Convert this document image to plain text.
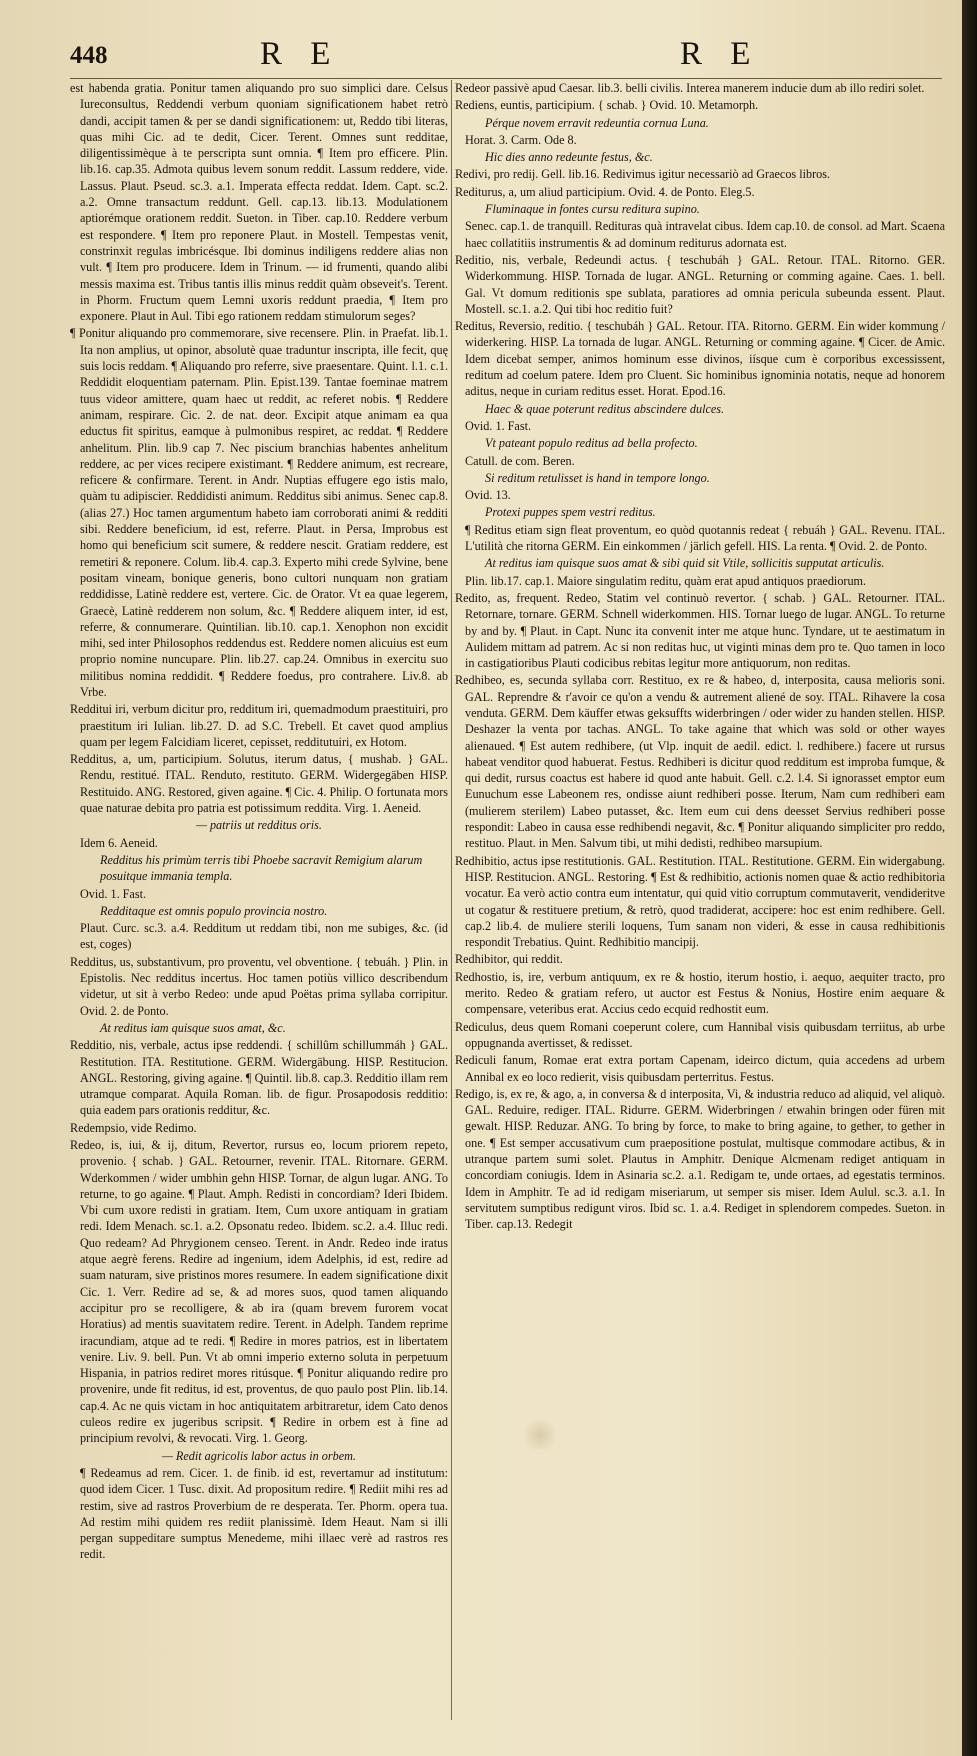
448	R E	R E

est habenda gratia. Ponitur tamen aliquando pro suo simplici dare. Celsus Iureconsultus, Reddendi verbum quoniam significationem habet retrò dandi, accipit tamen & per se dandi significationem: ut, Reddo tibi literas, quas mihi Cic. ad te dedit, Cicer. Terent. Omnes sunt redditae, diligentissimèque à te perscripta sunt omnia. ¶ Item pro efficere. Plin. lib.16. cap.35. Admota quibus levem sonum reddit. Lassum reddere, vide. Lassus. Plaut. Pseud. sc.3. a.1. Imperata effecta reddat. Idem. Capt. sc.2. a.2. Omne transactum reddunt. Gell. cap.13. lib.13. Modulationem aptiorémque orationem reddit. Sueton. in Tiber. cap.10. Reddere verbum est respondere. ¶ Item pro reponere Plaut. in Mostell. Tempestas venit, constrinxit regulas imbricésque. Ibi dominus indiligens reddere alias non vult. ¶ Item pro producere. Idem in Trinum. — id frumenti, quando alibi messis maxima est. Tribus tantis illis minus reddit quàm obseveit's. Terent. in Phorm. Fructum quem Lemni uxoris reddunt praedia, ¶ Item pro exponere. Plaut in Aul. Tibi ego rationem reddam stimulorum seges?

¶ Ponitur aliquando pro commemorare, sive recensere. Plin. in Praefat. lib.1. Ita non amplius, ut opinor, absolutè quae traduntur inscripta, ille fecit, quę suis locis reddam. ¶ Aliquando pro referre, sive praesentare. Quint. l.1. c.1. Reddidit eloquentiam paternam. Plin. Epist.139. Tantae foeminae matrem tuus videor amittere, quam haec ut reddit, ac referet nobis. ¶ Reddere animam, respirare. Cic. 2. de nat. deor. Excipit atque animam ea qua eductus fit spiritus, eamque à pulmonibus respiret, ac reddat. ¶ Reddere anhelitum. Plin. lib.9 cap 7. Nec piscium branchias habentes anhelitum reddere, ac per vices recipere existimant. ¶ Reddere animum, est recreare, reficere & confirmare. Terent. in Andr. Nuptias effugere ego istis malo, quàm tu adipiscier. Reddidisti animum. Redditus sibi animus. Senec cap.8. (alias 27.) Hoc tamen argumentum habeto iam corroborati animi & redditi sibi. Reddere beneficium, id est, referre. Plaut. in Persa, Improbus est homo qui beneficium scit sumere, & reddere nescit. Gratiam reddere, est remetiri & reponere. Colum. lib.4. cap.3. Experto mihi crede Sylvine, bene positam vineam, bonique generis, bono cultori nunquam non gratiam reddidisse, Latinè reddere est, vertere. Cic. de Orator. Vt ea quae legerem, Graecè, Latinè redderem non solum, &c. ¶ Reddere aliquem inter, id est, referre, & connumerare. Quintilian. lib.10. cap.1. Xenophon non excidit mihi, sed inter Philosophos reddendus est. Reddere nomen alicuius est eum proprio nomine nuncupare. Plin. lib.27. cap.24. Omnibus in exercitu suo militibus nomina reddidit. ¶ Reddere foedus, pro contrahere. Liv.8. ab Vrbe.

Redditui iri, verbum dicitur pro, redditum iri, quemadmodum praestituiri, pro praestitum iri Iulian. lib.27. D. ad S.C. Trebell. Et cavet quod amplius quam per legem Falcidiam liceret, cepisset, redditutuiri, ex Hotom.

Redditus, a, um, participium. Solutus, iterum datus, { mushab. } GAL. Rendu, restitué. ITAL. Renduto, restituto. GERM. Widergegäben HISP. Restituido. ANG. Restored, given againe. ¶ Cic. 4. Philip. O fortunata mors quae naturae debita pro patria est potissimum reddita. Virg. 1. Aeneid.

— patriis ut redditus oris.

Idem 6. Aeneid.

Redditus his primùm terris tibi Phoebe sacravit Remigium alarum posuitque immania templa.

Ovid. 1. Fast.

Redditaque est omnis populo provincia nostro.

Plaut. Curc. sc.3. a.4. Redditum ut reddam tibi, non me subiges, &c. (id est, coges)

Redditus, us, substantivum, pro proventu, vel obventione. { tebuáh. } Plin. in Epistolis. Nec redditus incertus. Hoc tamen potiùs villico describendum videtur, ut sit à verbo Redeo: unde apud Poëtas prima syllaba corripitur. Ovid. 2. de Ponto.

At reditus iam quisque suos amat, &c.

Redditio, nis, verbale, actus ipse reddendi. { schillûm schillummáh } GAL. Restitution. ITA. Restitutione. GERM. Widergäbung. HISP. Restitucion. ANGL. Restoring, giving againe. ¶ Quintil. lib.8. cap.3. Redditio illam rem utramque comparat. Aquila Roman. lib. de figur. Prosapodosis redditio: quia eadem pars orationis redditur, &c.

Redempsio, vide Redimo.

Redeo, is, iui, & ij, ditum, Revertor, rursus eo, locum priorem repeto, provenio. { schab. } GAL. Retourner, revenir. ITAL. Ritornare. GERM. Wderkommen / wider umbhin gehn HISP. Tornar, de algun lugar. ANG. To returne, to go againe. ¶ Plaut. Amph. Redisti in concordiam? Ideri Ibidem. Vbi cum uxore redisti in gratiam. Item, Cum uxore antiquam in gratiam redi. Idem Menach. sc.1. a.2. Opsonatu redeo. Ibidem. sc.2. a.4. Illuc redi. Quo redeam? Ad Phrygionem censeo. Terent. in Andr. Redeo inde iratus atque aegrè ferens. Redire ad ingenium, idem Adelphis, id est, redire ad suam naturam, sive pristinos mores resumere. In eadem significatione dixit Cic. 1. Verr. Redire ad se, & ad mores suos, quod tamen aliquando accipitur pro se recolligere, & ab ira (quam brevem furorem vocat Horatius) ad mentis suavitatem redire. Terent. in Adelph. Tandem reprime iracundiam, atque ad te redi. ¶ Redire in mores patrios, est in libertatem venire. Liv. 9. bell. Pun. Vt ab omni imperio externo soluta in perpetuum Hispania, in patrios rediret mores ritúsque. ¶ Ponitur aliquando redire pro provenire, unde fit reditus, id est, proventus, de quo paulo post Plin. lib.14. cap.4. Ac ne quis victam in hoc antiquitatem arbitraretur, idem Cato denos culeos redire ex jugeribus scripsit. ¶ Redire in orbem est à fine ad principium revolvi, & revocati. Virg. 1. Georg.

— Redit agricolis labor actus in orbem.

¶ Redeamus ad rem. Cicer. 1. de finib. id est, revertamur ad institutum: quod idem Cicer. 1 Tusc. dixit. Ad propositum redire. ¶ Rediit mihi res ad restim, sive ad rastros Proverbium de re desperata. Ter. Phorm. opera tua. Ad restim mihi quidem res rediit planissimè. Idem Heaut. Nam si illi pergan suppeditare sumptus Menedeme, mihi illaec verè ad rastros res redit.

Redeor passivè apud Caesar. lib.3. belli civilis. Interea manerem inducie dum ab illo rediri solet.

Rediens, euntis, participium. { schab. } Ovid. 10. Metamorph.

Pérque novem erravit redeuntia cornua Luna.

Horat. 3. Carm. Ode 8.

Hic dies anno redeunte festus, &c.

Redivi, pro redij. Gell. lib.16. Redivimus igitur necessariò ad Graecos libros.

Rediturus, a, um aliud participium. Ovid. 4. de Ponto. Eleg.5.

Fluminaque in fontes cursu reditura supino.

Senec. cap.1. de tranquill. Redituras quà intravelat cibus. Idem cap.10. de consol. ad Mart. Scaena haec collatitiis instrumentis & ad dominum rediturus adornata est.

Reditio, nis, verbale, Redeundi actus. { teschubáh } GAL. Retour. ITAL. Ritorno. GER. Widerkommung. HISP. Tornada de lugar. ANGL. Returning or comming againe. Caes. 1. bell. Gal. Vt domum reditionis spe sublata, paratiores ad omnia pericula subeunda essent. Plaut. Mostell. sc.1. a.2. Qui tibi hoc reditio fuit?

Reditus, Reversio, reditio. { teschubáh } GAL. Retour. ITA. Ritorno. GERM. Ein wider kommung / widerkering. HISP. La tornada de lugar. ANGL. Returning or comming againe. ¶ Cicer. de Amic. Idem dicebat semper, animos hominum esse divinos, iísque cum è corporibus excessissent, reditum ad coelum patere. Idem pro Cluent. Sic hominibus ignominia notatis, neque ad honorem aditus, neque in curiam reditus esset. Horat. Epod.16.

Haec & quae poterunt reditus abscindere dulces.

Ovid. 1. Fast.

Vt pateant populo reditus ad bella profecto.

Catull. de com. Beren.

Si reditum retulisset is hand in tempore longo.

Ovid. 13.

Protexi puppes spem vestri reditus.

¶ Reditus etiam sign fleat proventum, eo quòd quotannis redeat { rebuáh } GAL. Revenu. ITAL. L'utilità che ritorna GERM. Ein einkommen / järlich gefell. HIS. La renta. ¶ Ovid. 2. de Ponto.

At reditus iam quisque suos amat & sibi quid sit Vtile, sollicitis supputat articulis.

Plin. lib.17. cap.1. Maiore singulatim reditu, quàm erat apud antiquos praediorum.

Redito, as, frequent. Redeo, Statim vel continuò revertor. { schab. } GAL. Retourner. ITAL. Retornare, tornare. GERM. Schnell widerkommen. HIS. Tornar luego de lugar. ANGL. To returne by and by. ¶ Plaut. in Capt. Nunc ita convenit inter me atque hunc. Tyndare, ut te aestimatum in Aulidem mittam ad patrem. Ac si non reditas huc, ut viginti minas dem pro te. Quo tamen in loco in castigatioribus Plauti codicibus rebitas legitur more antiquorum, non reditas.

Redhibeo, es, secunda syllaba corr. Restituo, ex re & habeo, d, interposita, causa melioris soni. GAL. Reprendre & r'avoir ce qu'on a vendu & autrement aliené de soy. ITAL. Rihavere la cosa venduta. GERM. Dem käuffer etwas geksuffts widerbringen / oder wider zu handen stellen. HISP. Deshazer la venta por tachas. ANGL. To take againe that which was sold or other wayes alienaued. ¶ Est autem redhibere, (ut Vlp. inquit de aedil. edict. l. redhibere.) facere ut rursus habeat venditor quod habuerat. Festus. Redhiberi is dicitur quod redditum est improba fumque, & qui dedit, rursus coactus est habere id quod ante habuit. Gell. c.2. l.4. Si ignorasset emptor eum Eunuchum esse Labeonem res, ondisse aiunt redhiberi posse. Iterum, Nam cum redhiberi eam (mulierem sterilem) Labeo putasset, &c. Item eum cui dens deesset Servius redhiberi posse respondit: Labeo in causa esse redhibendi negavit, &c. ¶ Ponitur aliquando simpliciter pro reddo, restituo. Plaut. in Men. Salvum tibi, ut mihi dedisti, redhibeo marsupium.

Redhibitio, actus ipse restitutionis. GAL. Restitution. ITAL. Restitutione. GERM. Ein widergabung. HISP. Restitucion. ANGL. Restoring. ¶ Est & redhibitio, actionis nomen quae & actio redhibitoria vocatur. Ea verò actio contra eum intentatur, qui quid vitio corruptum commutaverit, vendideritve ut cogatur & restituere pretium, & retrò, quod tradiderat, accipere: hoc est enim redhibere. Gell. cap.2 lib.4. de muliere sterili loquens, Tum sanam non videri, & esse in causa redhibitionis respondit Trebatius. Quint. Redhibitio mancipij.

Redhibitor, qui reddit.

Redhostio, is, ire, verbum antiquum, ex re & hostio, iterum hostio, i. aequo, aequiter tracto, pro merito. Redeo & gratiam refero, ut auctor est Festus & Nonius, Hostire enim aequare & compensare, veteribus erat. Accius cedo ecquid redhostit eum.

Rediculus, deus quem Romani coeperunt colere, cum Hannibal visis quibusdam terriitus, ab urbe oppugnanda avertisset, & redisset.

Rediculi fanum, Romae erat extra portam Capenam, ideirco dictum, quia accedens ad urbem Annibal ex eo loco redierit, visis quibusdam perterritus. Festus.

Redigo, is, ex re, & ago, a, in conversa & d interposita, Vi, & industria reduco ad aliquid, vel aliquò. GAL. Reduire, rediger. ITAL. Ridurre. GERM. Widerbringen / etwahin bringen oder füren mit gewalt. HISP. Reduzar. ANG. To bring by force, to make to bring againe, to gether, to gether in one. ¶ Est semper accusativum cum praepositione postulat, multisque commodare actibus, & in utranque partem sumi solet. Plautus in Amphitr. Denique Alcmenam rediget antiquam in concordiam coniugis. Idem in Asinaria sc.2. a.1. Redigam te, unde ortaes, ad egestatis terminos. Idem in Amphitr. Te ad id redigam miseriarum, ut semper sis miser. Idem Aulul. sc.3. a.1. In servitutem sumptibus redigunt viros. Ibid sc. 1. a.4. Rediget in splendorem compedes. Sueton. in Tiber. cap.13. Redegit
